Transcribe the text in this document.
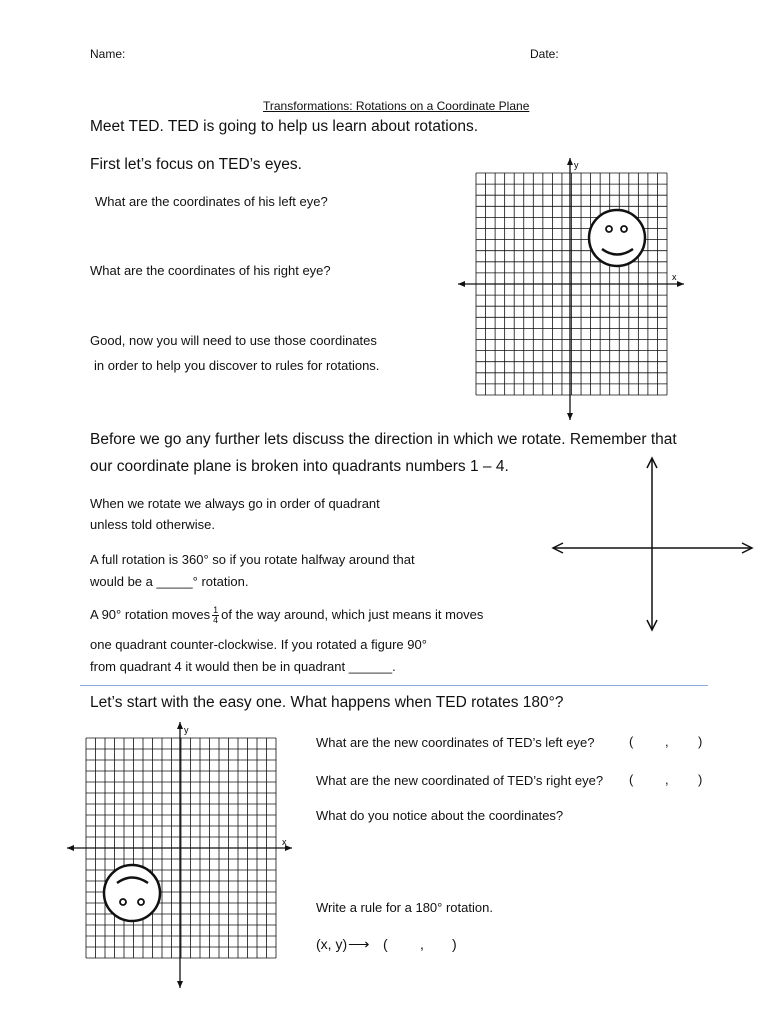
Name:	Date:
Transformations: Rotations on a Coordinate Plane
Meet TED. TED is going to help us learn about rotations.
First let’s focus on TED’s eyes.
What are the coordinates of his left eye?
What are the coordinates of his right eye?
Good, now you will need to use those coordinates
in order to help you discover to rules for rotations.
x
y
Before we go any further lets discuss the direction in which we rotate. Remember that
our coordinate plane is broken into quadrants numbers 1 – 4.
When we rotate we always go in order of quadrant
unless told otherwise.
A full rotation is 360° so if you rotate halfway around that
would be a _____° rotation.
A 90° rotation moves $\frac{1}{4}$ of the way around, which just means it moves
one quadrant counter-clockwise. If you rotated a figure 90°
from quadrant 4 it would then be in quadrant ______.
Let’s start with the easy one. What happens when TED rotates 180°?
x
y
What are the new coordinates of TED’s left eye?	( , )
What are the new coordinated of TED’s right eye? ( , )
What do you notice about the coordinates?
Write a rule for a 180° rotation.
(x, y) ⟶ ( , )
